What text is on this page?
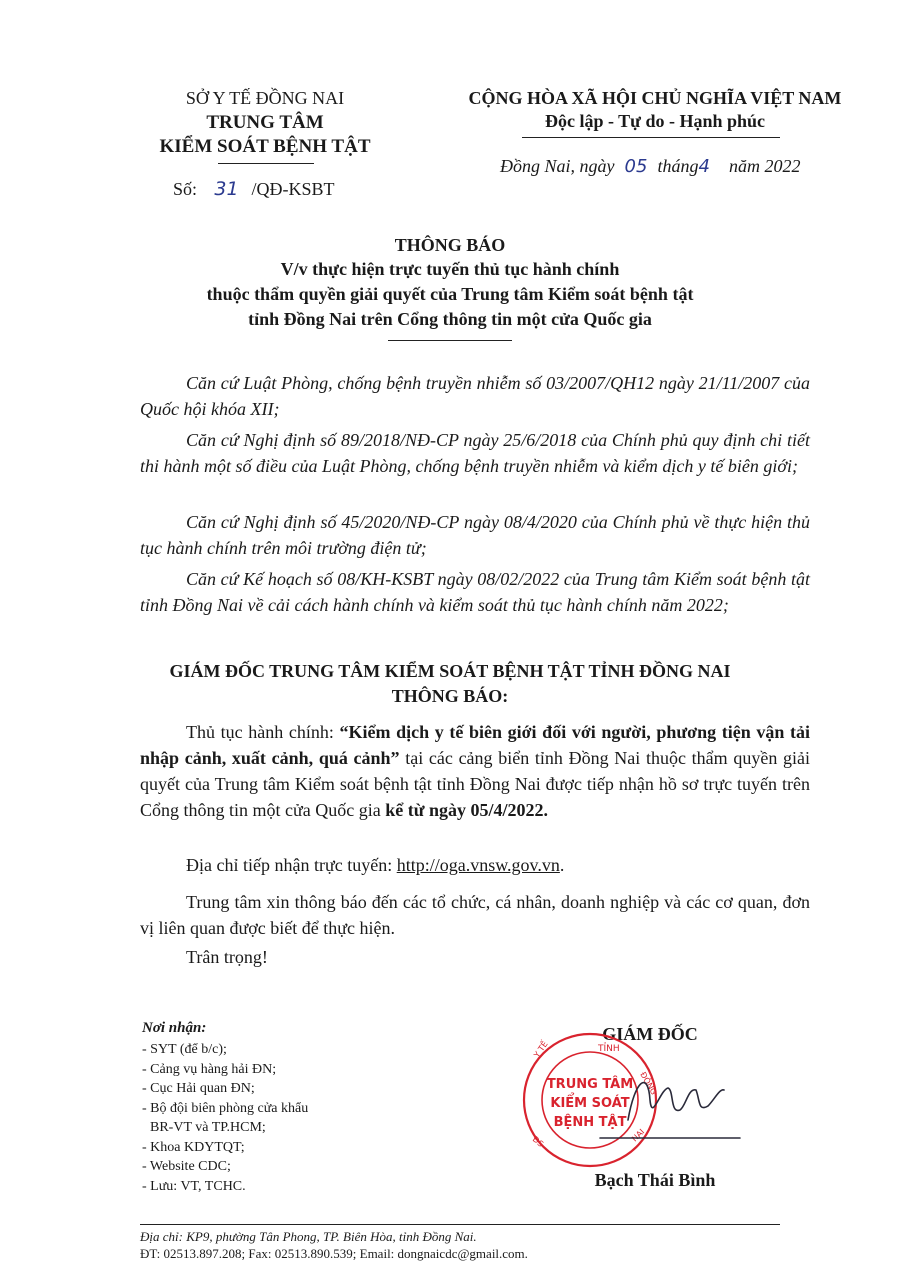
SỞ Y TẾ ĐỒNG NAI
TRUNG TÂM
KIỂM SOÁT BỆNH TẬT
Số: 31 /QĐ-KSBT
CỘNG HÒA XÃ HỘI CHỦ NGHĨA VIỆT NAM
Độc lập - Tự do - Hạnh phúc
Đồng Nai, ngày 05 tháng4 năm 2022
THÔNG BÁO
V/v thực hiện trực tuyến thủ tục hành chính
thuộc thẩm quyền giải quyết của Trung tâm Kiểm soát bệnh tật
tỉnh Đồng Nai trên Cổng thông tin một cửa Quốc gia
Căn cứ Luật Phòng, chống bệnh truyền nhiễm số 03/2007/QH12 ngày 21/11/2007 của Quốc hội khóa XII;
Căn cứ Nghị định số 89/2018/NĐ-CP ngày 25/6/2018 của Chính phủ quy định chi tiết thi hành một số điều của Luật Phòng, chống bệnh truyền nhiễm và kiểm dịch y tế biên giới;
Căn cứ Nghị định số 45/2020/NĐ-CP ngày 08/4/2020 của Chính phủ về thực hiện thủ tục hành chính trên môi trường điện tử;
Căn cứ Kế hoạch số 08/KH-KSBT ngày 08/02/2022 của Trung tâm Kiểm soát bệnh tật tỉnh Đồng Nai về cải cách hành chính và kiểm soát thủ tục hành chính năm 2022;
GIÁM ĐỐC TRUNG TÂM KIỂM SOÁT BỆNH TẬT TỈNH ĐỒNG NAI
THÔNG BÁO:
Thủ tục hành chính: “Kiểm dịch y tế biên giới đối với người, phương tiện vận tải nhập cảnh, xuất cảnh, quá cảnh” tại các cảng biển tỉnh Đồng Nai thuộc thẩm quyền giải quyết của Trung tâm Kiểm soát bệnh tật tỉnh Đồng Nai được tiếp nhận hồ sơ trực tuyến trên Cổng thông tin một cửa Quốc gia kể từ ngày 05/4/2022.
Địa chỉ tiếp nhận trực tuyến: http://oga.vnsw.gov.vn.
Trung tâm xin thông báo đến các tổ chức, cá nhân, doanh nghiệp và các cơ quan, đơn vị liên quan được biết để thực hiện.
Trân trọng!
Nơi nhận:
- SYT (để b/c);
- Cảng vụ hàng hải ĐN;
- Cục Hải quan ĐN;
- Bộ đội biên phòng cửa khẩu
BR-VT và TP.HCM;
- Khoa KDYTQT;
- Website CDC;
- Lưu: VT, TCHC.
GIÁM ĐỐC
TỈNH
Y TẾ
ĐỒNG
ĐS	NAI
TRUNG TÂM
KIỂM SOÁT
BỆNH TẬT
Bạch Thái Bình
Địa chỉ: KP9, phường Tân Phong, TP. Biên Hòa, tỉnh Đồng Nai.
ĐT: 02513.897.208; Fax: 02513.890.539; Email: dongnaicdc@gmail.com.
